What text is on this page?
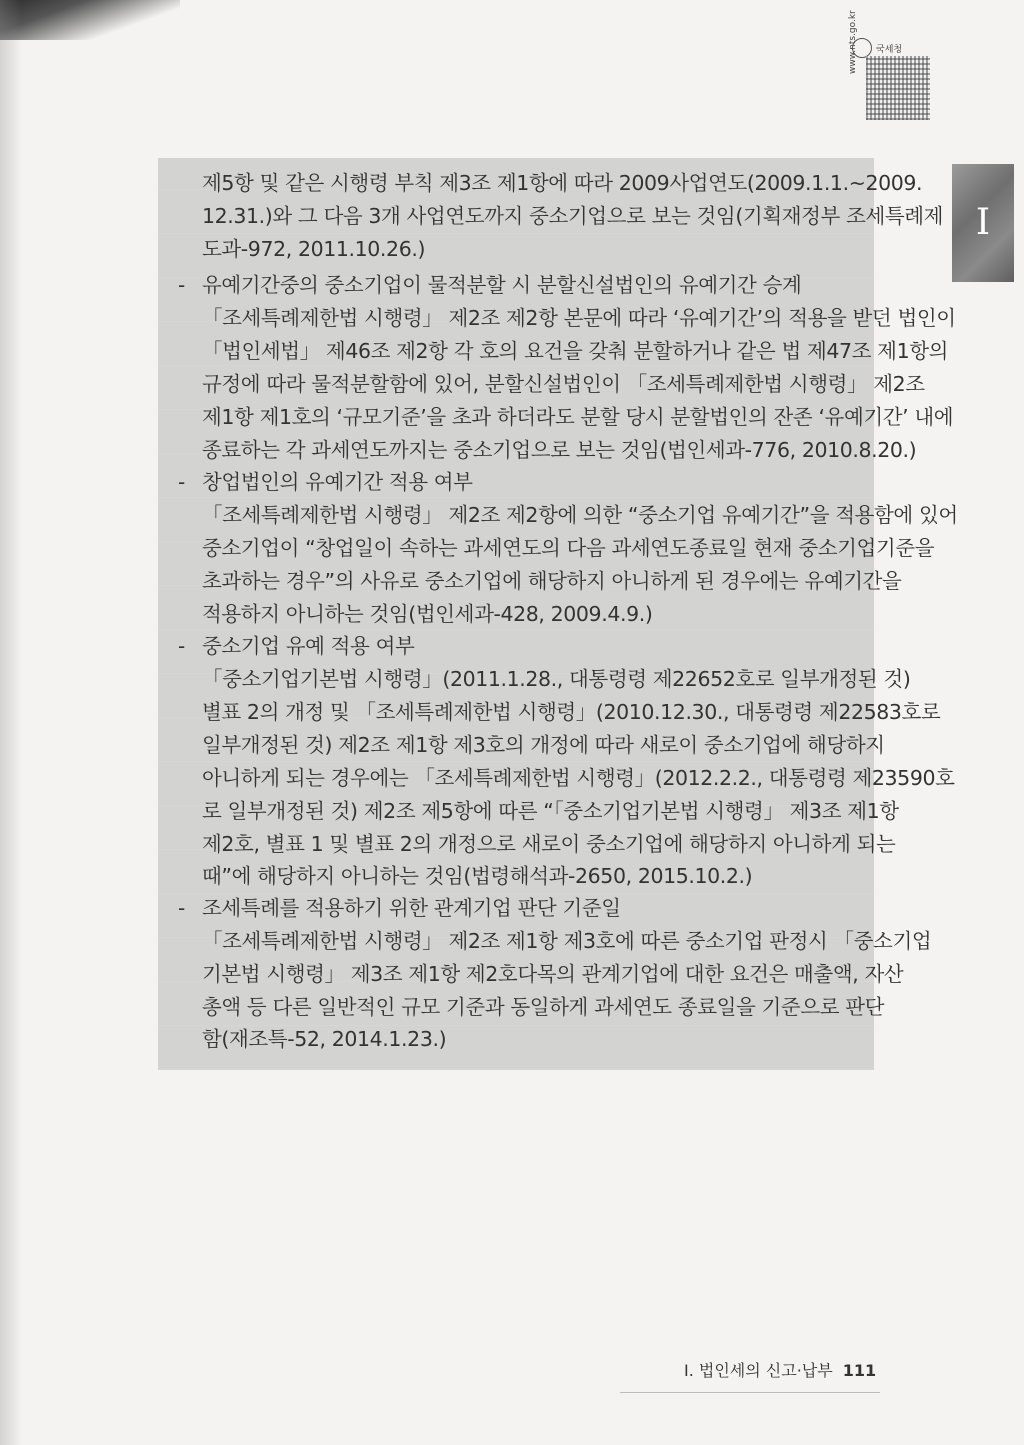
국세청
www.nts.go.kr
I
-
-
-
-
제5항 및 같은 시행령 부칙 제3조 제1항에 따라 2009사업연도(2009.1.1.~2009.
12.31.)와 그 다음 3개 사업연도까지 중소기업으로 보는 것임(기획재정부 조세특례제
도과-972, 2011.10.26.)
유예기간중의 중소기업이 물적분할 시 분할신설법인의 유예기간 승계
「조세특례제한법 시행령」 제2조 제2항 본문에 따라 ‘유예기간’의 적용을 받던 법인이
「법인세법」 제46조 제2항 각 호의 요건을 갖춰 분할하거나 같은 법 제47조 제1항의
규정에 따라 물적분할함에 있어, 분할신설법인이 「조세특례제한법 시행령」 제2조
제1항 제1호의 ‘규모기준’을 초과 하더라도 분할 당시 분할법인의 잔존 ‘유예기간’ 내에
종료하는 각 과세연도까지는 중소기업으로 보는 것임(법인세과-776, 2010.8.20.)
창업법인의 유예기간 적용 여부
「조세특례제한법 시행령」 제2조 제2항에 의한 “중소기업 유예기간”을 적용함에 있어
중소기업이 “창업일이 속하는 과세연도의 다음 과세연도종료일 현재 중소기업기준을
초과하는 경우”의 사유로 중소기업에 해당하지 아니하게 된 경우에는 유예기간을
적용하지 아니하는 것임(법인세과-428, 2009.4.9.)
중소기업 유예 적용 여부
「중소기업기본법 시행령」(2011.1.28., 대통령령 제22652호로 일부개정된 것)
별표 2의 개정 및 「조세특례제한법 시행령」(2010.12.30., 대통령령 제22583호로
일부개정된 것) 제2조 제1항 제3호의 개정에 따라 새로이 중소기업에 해당하지
아니하게 되는 경우에는 「조세특례제한법 시행령」(2012.2.2., 대통령령 제23590호
로 일부개정된 것) 제2조 제5항에 따른 “「중소기업기본법 시행령」 제3조 제1항
제2호, 별표 1 및 별표 2의 개정으로 새로이 중소기업에 해당하지 아니하게 되는
때”에 해당하지 아니하는 것임(법령해석과-2650, 2015.10.2.)
조세특례를 적용하기 위한 관계기업 판단 기준일
「조세특례제한법 시행령」 제2조 제1항 제3호에 따른 중소기업 판정시 「중소기업
기본법 시행령」 제3조 제1항 제2호다목의 관계기업에 대한 요건은 매출액, 자산
총액 등 다른 일반적인 규모 기준과 동일하게 과세연도 종료일을 기준으로 판단
함(재조특-52, 2014.1.23.)
I. 법인세의 신고·납부 111
